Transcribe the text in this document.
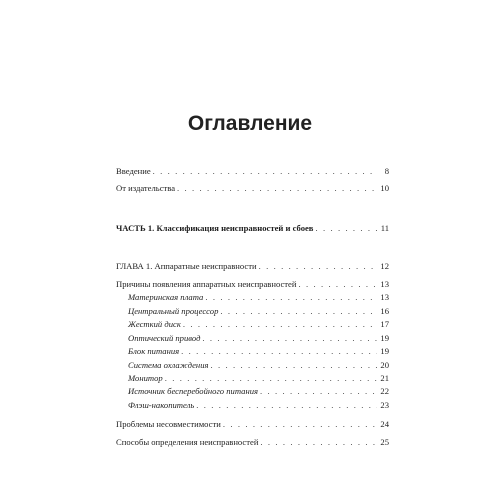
Оглавление
Введение . . .	8
От издательства . . .	10
ЧАСТЬ 1. Классификация неисправностей и сбоев . . .	11
ГЛАВА 1. Аппаратные неисправности . . .	12
Причины появления аппаратных неисправностей . . .	13
Материнская плата . . .	13
Центральный процессор . . .	16
Жесткий диск . . .	17
Оптический привод . . .	19
Блок питания . . .	19
Система охлаждения . . .	20
Монитор . . .	21
Источник бесперебойного питания . . .	22
Флэш-накопитель . . .	23
Проблемы несовместимости . . .	24
Способы определения неисправностей . . .	25
